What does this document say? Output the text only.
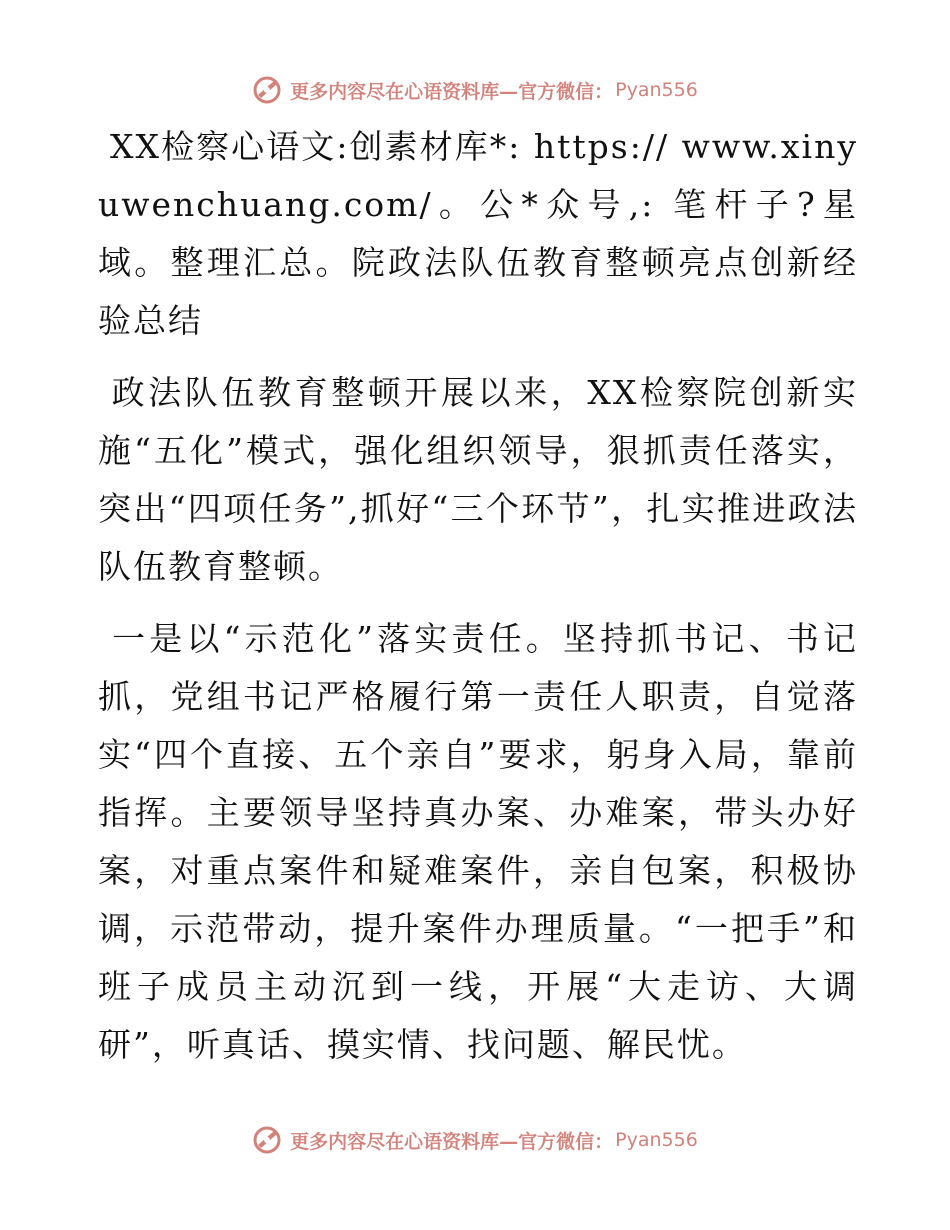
更多内容尽在心语资料库—官方微信： Pyan556

XX检察心语文:创素材库*: https:// www.xinyuwenchuang.com/。公*众号,: 笔杆子?星域。整理汇总。院政法队伍教育整顿亮点创新经验总结

政法队伍教育整顿开展以来，XX检察院创新实施“五化”模式，强化组织领导，狠抓责任落实，突出“四项任务”,抓好“三个环节”，扎实推进政法队伍教育整顿。

一是以“示范化”落实责任。坚持抓书记、书记抓，党组书记严格履行第一责任人职责，自觉落实“四个直接、五个亲自”要求，躬身入局，靠前指挥。主要领导坚持真办案、办难案，带头办好案，对重点案件和疑难案件，亲自包案，积极协调，示范带动，提升案件办理质量。“一把手”和班子成员主动沉到一线，开展“大走访、大调研”，听真话、摸实情、找问题、解民忧。

更多内容尽在心语资料库—官方微信： Pyan556
